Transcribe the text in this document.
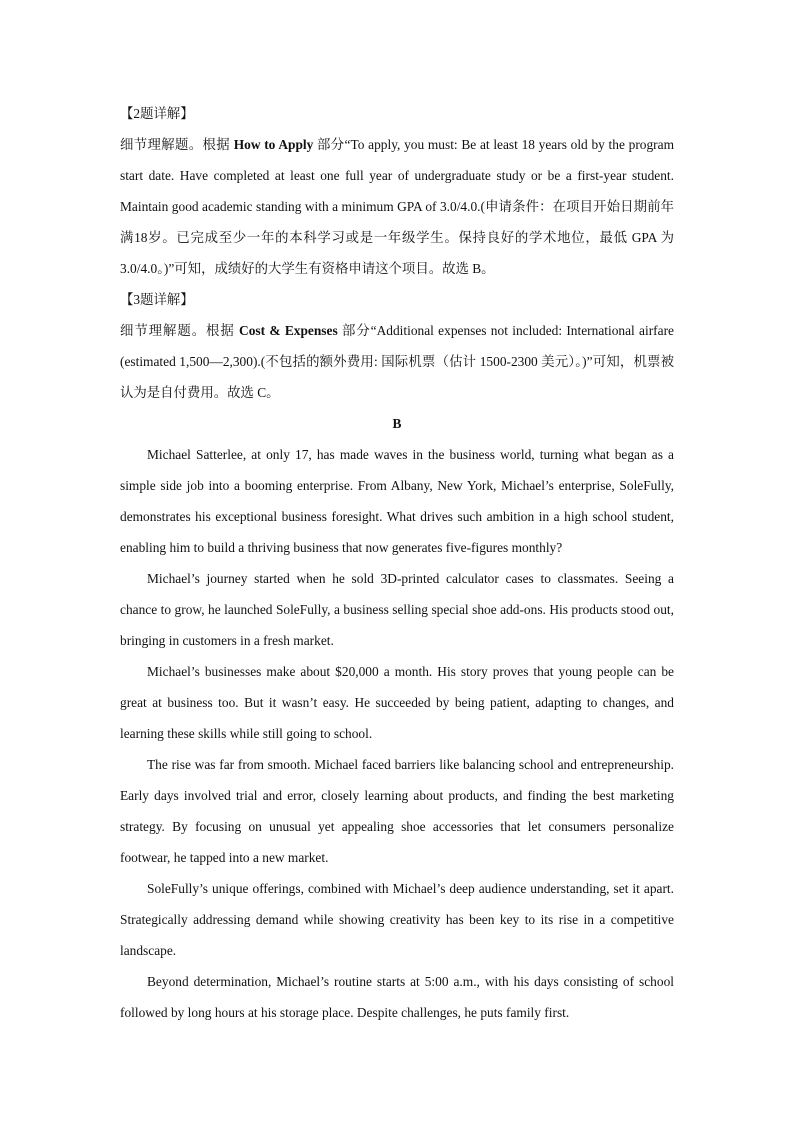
【2题详解】

细节理解题。根据 How to Apply 部分“To apply, you must: Be at least 18 years old by the program start date. Have completed at least one full year of undergraduate study or be a first-year student. Maintain good academic standing with a minimum GPA of 3.0/4.0.(申请条件：在项目开始日期前年满18岁。已完成至少一年的本科学习或是一年级学生。保持良好的学术地位，最低 GPA 为 3.0/4.0。)”可知，成绩好的大学生有资格申请这个项目。故选 B。

【3题详解】

细节理解题。根据 Cost & Expenses 部分“Additional expenses not included: International airfare (estimated 1,500—2,300).(不包括的额外费用: 国际机票（估计 1500-2300 美元）。)”可知，机票被认为是自付费用。故选 C。

B

Michael Satterlee, at only 17, has made waves in the business world, turning what began as a simple side job into a booming enterprise. From Albany, New York, Michael’s enterprise, SoleFully, demonstrates his exceptional business foresight. What drives such ambition in a high school student, enabling him to build a thriving business that now generates five-figures monthly?

Michael’s journey started when he sold 3D-printed calculator cases to classmates. Seeing a chance to grow, he launched SoleFully, a business selling special shoe add-ons. His products stood out, bringing in customers in a fresh market.

Michael’s businesses make about $20,000 a month. His story proves that young people can be great at business too. But it wasn’t easy. He succeeded by being patient, adapting to changes, and learning these skills while still going to school.

The rise was far from smooth. Michael faced barriers like balancing school and entrepreneurship. Early days involved trial and error, closely learning about products, and finding the best marketing strategy. By focusing on unusual yet appealing shoe accessories that let consumers personalize footwear, he tapped into a new market.

SoleFully’s unique offerings, combined with Michael’s deep audience understanding, set it apart. Strategically addressing demand while showing creativity has been key to its rise in a competitive landscape.

Beyond determination, Michael’s routine starts at 5:00 a.m., with his days consisting of school followed by long hours at his storage place. Despite challenges, he puts family first.
